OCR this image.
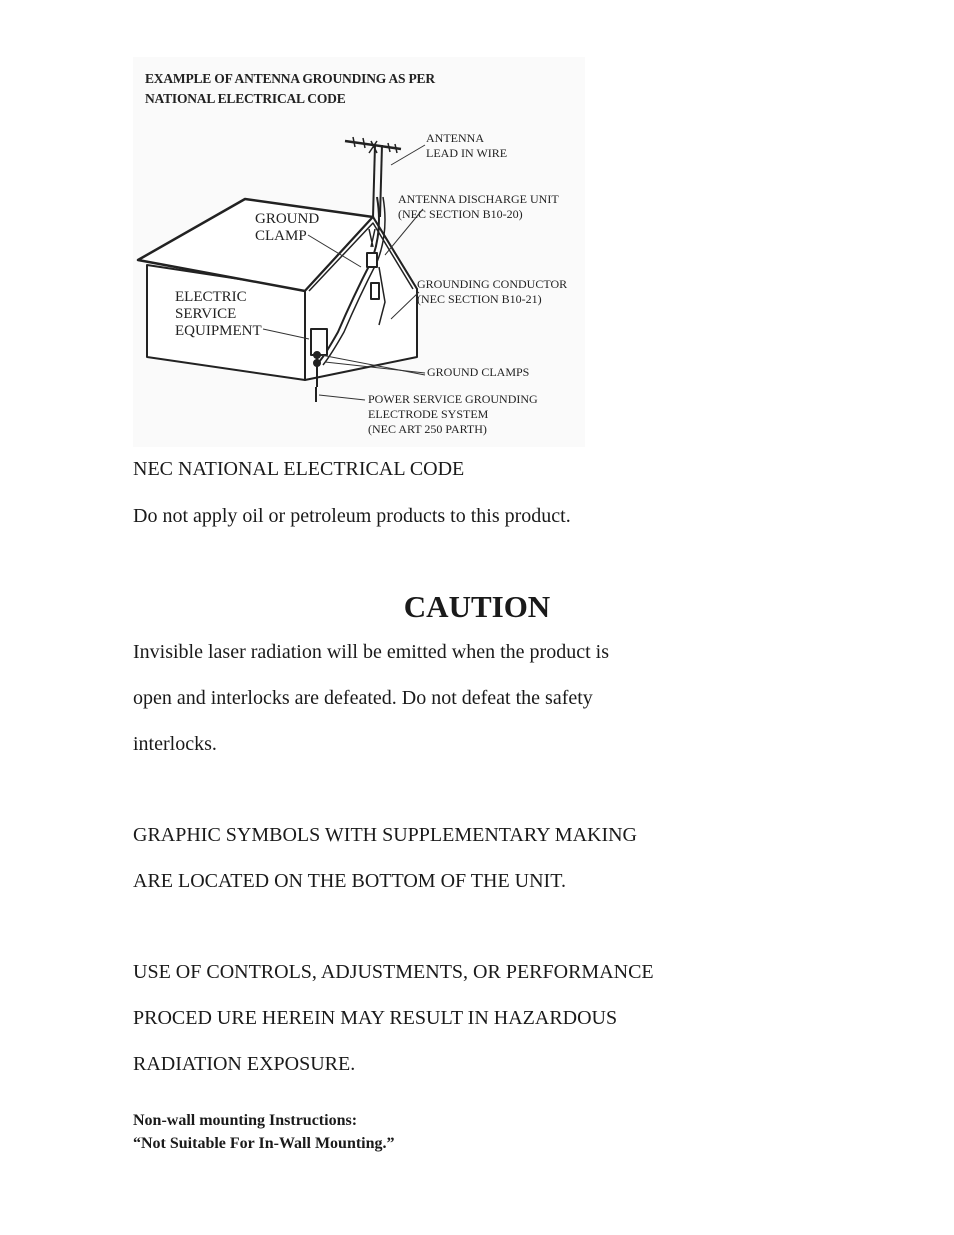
EXAMPLE OF ANTENNA GROUNDING AS PER
NATIONAL ELECTRICAL CODE
ANTENNA
LEAD IN WIRE
ANTENNA DISCHARGE UNIT
(NEC SECTION B10-20)
GROUND
CLAMP
GROUNDING CONDUCTOR
(NEC SECTION B10-21)
ELECTRIC
SERVICE
EQUIPMENT
GROUND CLAMPS
POWER SERVICE GROUNDING
ELECTRODE SYSTEM
(NEC ART 250 PARTH)
NEC NATIONAL ELECTRICAL CODE
Do not apply oil or petroleum products to this product.
CAUTION
Invisible laser radiation will be emitted when the product is
open and interlocks are defeated. Do not defeat the safety
interlocks.
GRAPHIC SYMBOLS WITH SUPPLEMENTARY MAKING
ARE LOCATED ON THE BOTTOM OF THE UNIT.
USE OF CONTROLS, ADJUSTMENTS, OR PERFORMANCE
PROCED URE HEREIN MAY RESULT IN HAZARDOUS
RADIATION EXPOSURE.
Non-wall mounting Instructions:
“Not Suitable For In-Wall Mounting.”
